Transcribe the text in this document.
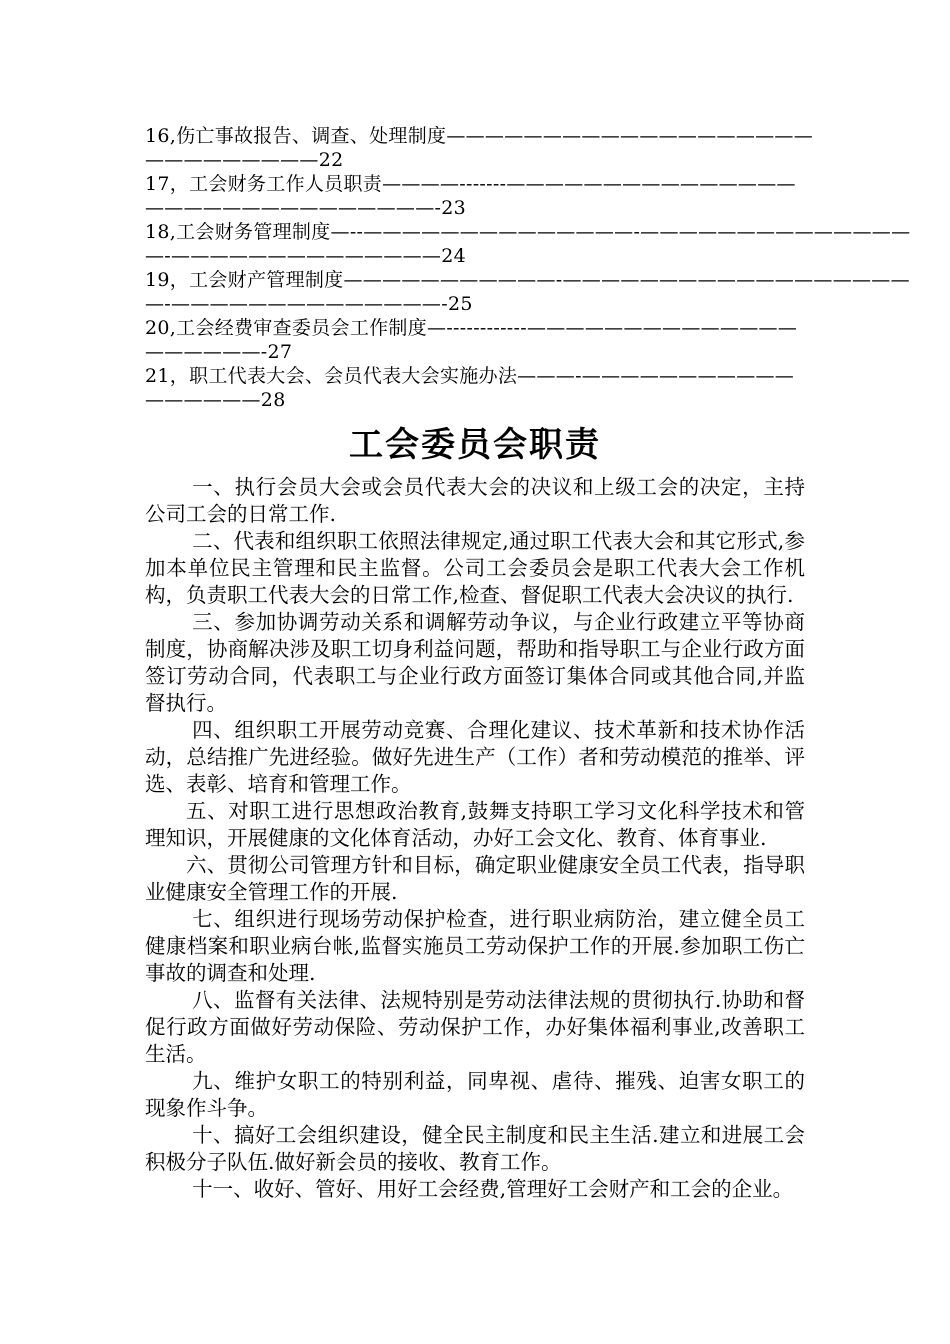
16,伤亡事故报告、调查、处理制度———————————————————
—————————22
17，工会财务工作人员职责————-------———————————————
———————————————-23
18,工会财务管理制度—--——————————————-——————————————
—-——————————————24
19，工会财产管理制度———————————-——————————————————
—-——————————————-25
20,工会经费审查委员会工作制度—------------——————————————
——————-27
21，职工代表大会、会员代表大会实施办法———-———————————
——————28
工会委员会职责

一、执行会员大会或会员代表大会的决议和上级工会的决定，主持公司工会的日常工作.

二、代表和组织职工依照法律规定,通过职工代表大会和其它形式,参加本单位民主管理和民主监督。公司工会委员会是职工代表大会工作机构，负责职工代表大会的日常工作,检查、督促职工代表大会决议的执行.

三、参加协调劳动关系和调解劳动争议，与企业行政建立平等协商制度，协商解决涉及职工切身利益问题，帮助和指导职工与企业行政方面签订劳动合同，代表职工与企业行政方面签订集体合同或其他合同,并监督执行。

四、组织职工开展劳动竞赛、合理化建议、技术革新和技术协作活动，总结推广先进经验。做好先进生产（工作）者和劳动模范的推举、评选、表彰、培育和管理工作。

五、对职工进行思想政治教育,鼓舞支持职工学习文化科学技术和管理知识，开展健康的文化体育活动，办好工会文化、教育、体育事业.

六、贯彻公司管理方针和目标，确定职业健康安全员工代表，指导职业健康安全管理工作的开展.

七、组织进行现场劳动保护检查，进行职业病防治，建立健全员工健康档案和职业病台帐,监督实施员工劳动保护工作的开展.参加职工伤亡事故的调查和处理.

八、监督有关法律、法规特别是劳动法律法规的贯彻执行.协助和督促行政方面做好劳动保险、劳动保护工作，办好集体福利事业,改善职工生活。

九、维护女职工的特别利益，同卑视、虐待、摧残、迫害女职工的现象作斗争。

十、搞好工会组织建设，健全民主制度和民主生活.建立和进展工会积极分子队伍.做好新会员的接收、教育工作。

十一、收好、管好、用好工会经费,管理好工会财产和工会的企业。
